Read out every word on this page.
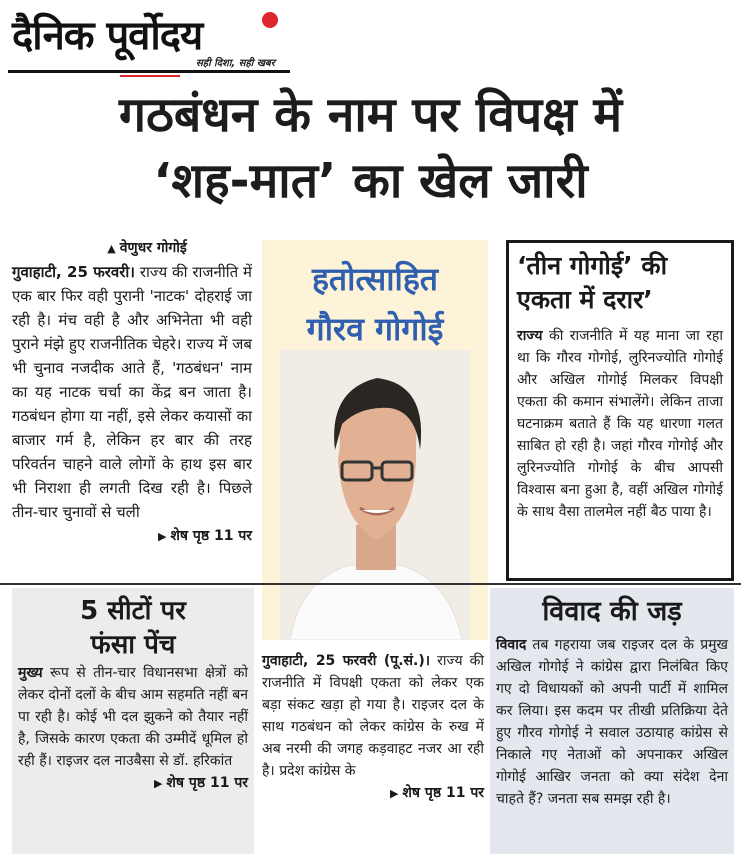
दैनिक पूर्वोदय
सही दिशा, सही खबर
गठबंधन के नाम पर विपक्ष में
‘शह-मात’ का खेल जारी
▲ वेणुधर गोगोई
गुवाहाटी, 25 फरवरी। राज्य की राजनीति में एक बार फिर वही पुरानी 'नाटक' दोहराई जा रही है। मंच वही है और अभिनेता भी वही पुराने मंझे हुए राजनीतिक चेहरे। राज्य में जब भी चुनाव नजदीक आते हैं, 'गठबंधन' नाम का यह नाटक चर्चा का केंद्र बन जाता है। गठबंधन होगा या नहीं, इसे लेकर कयासों का बाजार गर्म है, लेकिन हर बार की तरह परिवर्तन चाहने वाले लोगों के हाथ इस बार भी निराशा ही लगती दिख रही है। पिछले तीन-चार चुनावों से चली
▶ शेष पृष्ठ 11 पर
हतोत्साहित
गौरव गोगोई
‘तीन गोगोई’ की एकता में दरार’
राज्य की राजनीति में यह माना जा रहा था कि गौरव गोगोई, लुरिनज्योति गोगोई और अखिल गोगोई मिलकर विपक्षी एकता की कमान संभालेंगे। लेकिन ताजा घटनाक्रम बताते हैं कि यह धारणा गलत साबित हो रही है। जहां गौरव गोगोई और लुरिनज्योति गोगोई के बीच आपसी विश्वास बना हुआ है, वहीं अखिल गोगोई के साथ वैसा तालमेल नहीं बैठ पाया है।
5 सीटों पर
फंसा पेंच
मुख्य रूप से तीन-चार विधानसभा क्षेत्रों को लेकर दोनों दलों के बीच आम सहमति नहीं बन पा रही है। कोई भी दल झुकने को तैयार नहीं है, जिसके कारण एकता की उम्मीदें धूमिल हो रही हैं। राइजर दल नाउबैसा से डॉ. हरिकांत
▶ शेष पृष्ठ 11 पर
गुवाहाटी, 25 फरवरी (पू.सं.)। राज्य की राजनीति में विपक्षी एकता को लेकर एक बड़ा संकट खड़ा हो गया है। राइजर दल के साथ गठबंधन को लेकर कांग्रेस के रुख में अब नरमी की जगह कड़वाहट नजर आ रही है। प्रदेश कांग्रेस के
▶ शेष पृष्ठ 11 पर
विवाद की जड़
विवाद तब गहराया जब राइजर दल के प्रमुख अखिल गोगोई ने कांग्रेस द्वारा निलंबित किए गए दो विधायकों को अपनी पार्टी में शामिल कर लिया। इस कदम पर तीखी प्रतिक्रिया देते हुए गौरव गोगोई ने सवाल उठायाह कांग्रेस से निकाले गए नेताओं को अपनाकर अखिल गोगोई आखिर जनता को क्या संदेश देना चाहते हैं? जनता सब समझ रही है।
